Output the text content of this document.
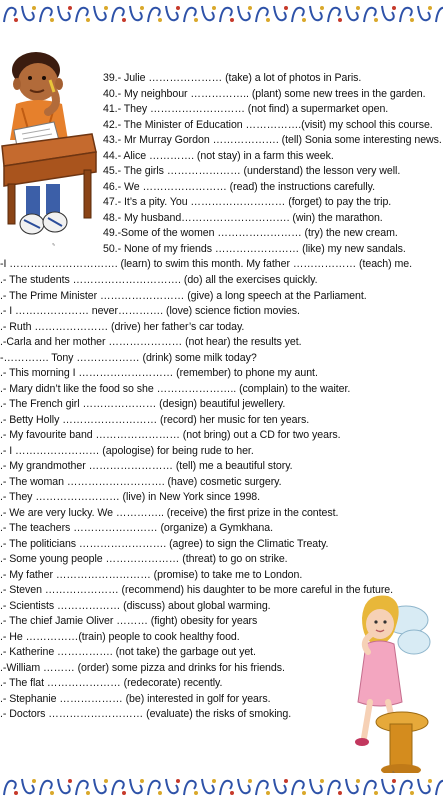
✎
39.- Julie ………………… (take) a lot of photos in Paris.
40.- My neighbour …………….. (plant) some new trees in the garden.
41.- They ……………………… (not find) a supermarket open.
42.- The Minister of Education …………….(visit) my school this course.
43.- Mr Murray Gordon ………………. (tell) Sonia some interesting news.
44.- Alice …………. (not stay) in a farm this week.
45.- The girls ………………… (understand) the lesson very well.
46.- We …………………… (read) the instructions carefully.
47.- It’s a pity. You ……………………… (forget) to pay the trip.
48.- My husband…………………………. (win) the marathon.
49.-Some of the women …………………… (try) the new cream.
50.- None of my friends …………………… (like) my new sandals.
-I …………………………. (learn) to swim this month. My father ……………… (teach) me.
.- The students …………………………. (do) all the exercises quickly.
.- The Prime Minister …………………… (give) a long speech at the Parliament.
.- I ………………… never…………. (love) science fiction movies.
.- Ruth ………………… (drive) her father’s car today.
.-Carla and her mother ………………… (not hear) the results yet.
-…………. Tony ……………… (drink) some milk today?
.- This morning I ……………………… (remember) to phone my aunt.
.- Mary didn’t like the food so she ………………….. (complain) to the waiter.
.- The French girl ………………… (design) beautiful jewellery.
.- Betty Holly ……………………… (record) her music for ten years.
.- My favourite band …………………… (not bring) out a CD for two years.
.- I …………………… (apologise) for being rude to her.
.- My grandmother …………………… (tell) me a beautiful story.
.- The woman ………………………. (have) cosmetic surgery.
.- They …………………… (live) in New York since 1998.
.- We are very lucky. We ………….. (receive) the first prize in the contest.
.- The teachers …………………… (organize) a Gymkhana.
.- The politicians ……………………. (agree) to sign the Climatic Treaty.
.- Some young people ………………… (threat) to go on strike.
.- My father ……………………… (promise) to take me to London.
.- Steven ………………… (recommend) his daughter to be more careful in the future.
.- Scientists ……………… (discuss) about global warming.
.- The chief Jamie Oliver ……… (fight) obesity for years
.- He ……………(train) people to cook healthy food.
.- Katherine ……………. (not take) the garbage out yet.
.-William ……… (order) some pizza and drinks for his friends.
.- The flat ………………… (redecorate) recently.
.- Stephanie ……………… (be) interested in golf for years.
.- Doctors ……………………… (evaluate) the risks of smoking.
